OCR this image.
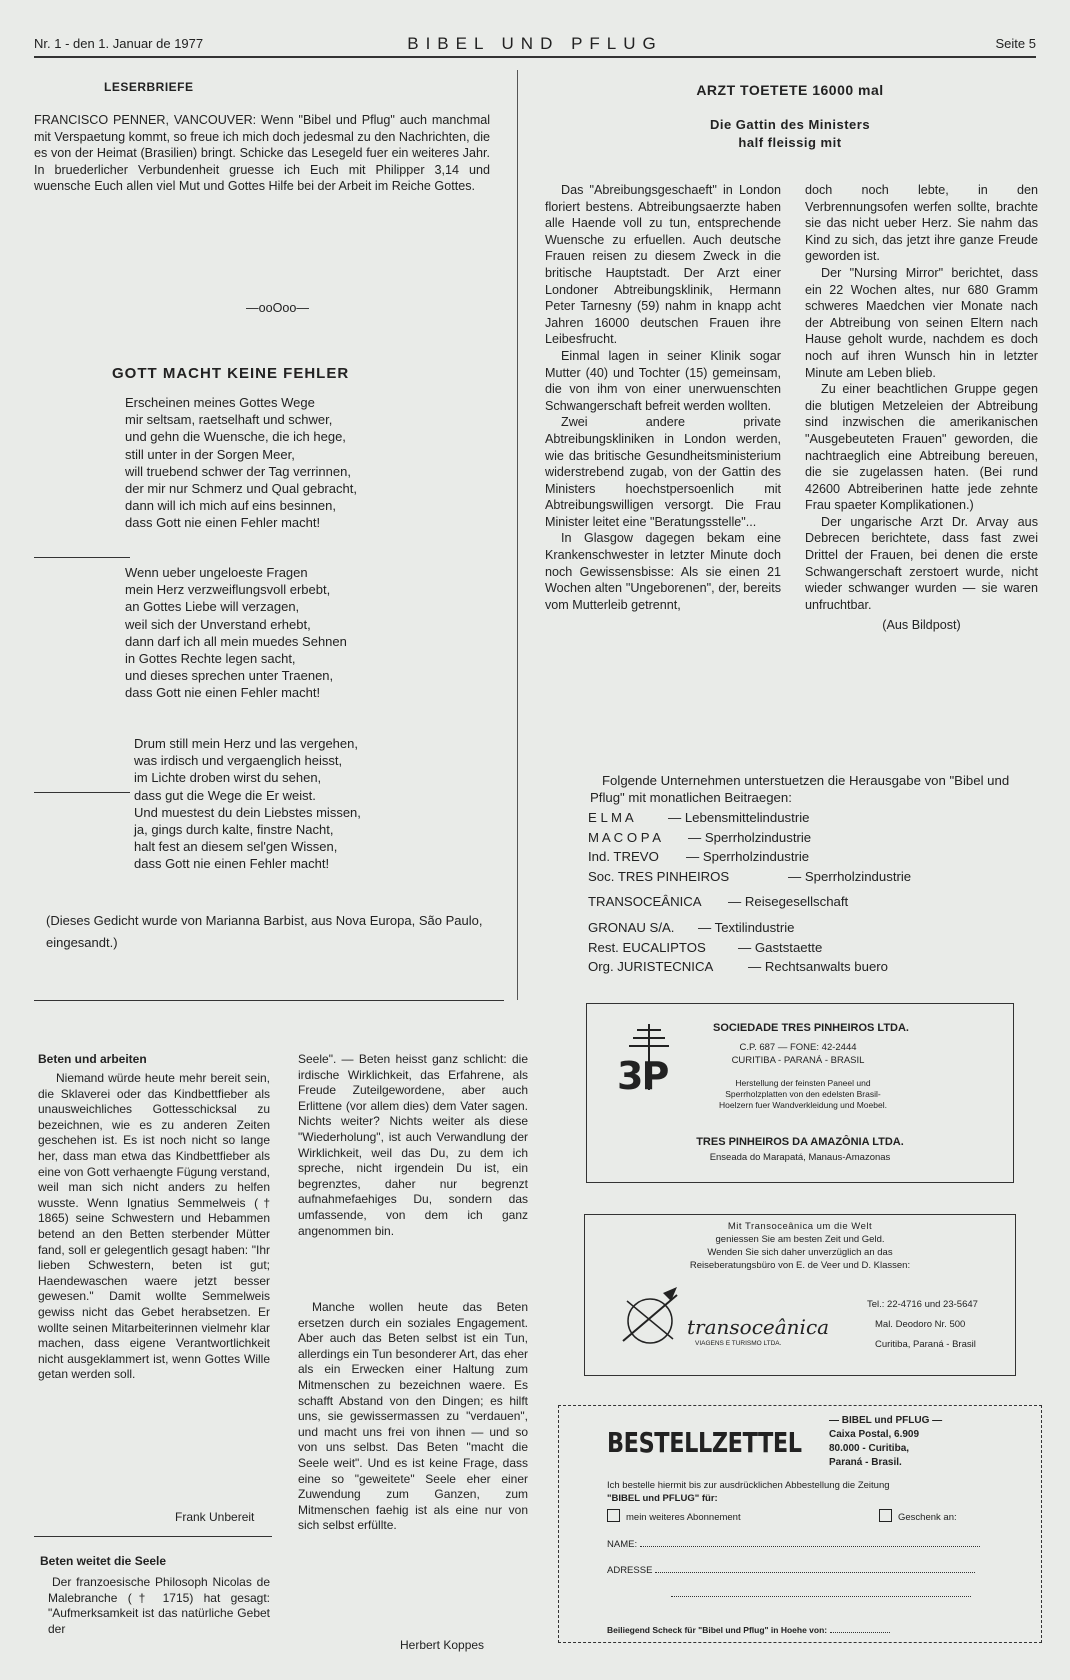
Nr. 1 - den 1. Januar de 1977	BIBEL UND PFLUG	Seite 5
LESERBRIEFE

FRANCISCO PENNER, VANCOUVER: Wenn "Bibel und Pflug" auch manchmal mit Verspaetung kommt, so freue ich mich doch jedesmal zu den Nachrichten, die es von der Heimat (Brasilien) bringt. Schicke das Lesegeld fuer ein weiteres Jahr. In bruederlicher Verbundenheit gruesse ich Euch mit Philipper 3,14 und wuensche Euch allen viel Mut und Gottes Hilfe bei der Arbeit im Reiche Gottes.

—ooOoo—
GOTT MACHT KEINE FEHLER
Erscheinen meines Gottes Wege
mir seltsam, raetselhaft und schwer,
und gehn die Wuensche, die ich hege,
still unter in der Sorgen Meer,
will truebend schwer der Tag verrinnen,
der mir nur Schmerz und Qual gebracht,
dann will ich mich auf eins besinnen,
dass Gott nie einen Fehler macht!
Wenn ueber ungeloeste Fragen
mein Herz verzweiflungsvoll erbebt,
an Gottes Liebe will verzagen,
weil sich der Unverstand erhebt,
dann darf ich all mein muedes Sehnen
in Gottes Rechte legen sacht,
und dieses sprechen unter Traenen,
dass Gott nie einen Fehler macht!
Drum still mein Herz und las vergehen,
was irdisch und vergaenglich heisst,
im Lichte droben wirst du sehen,
dass gut die Wege die Er weist.
Und muestest du dein Liebstes missen,
ja, gings durch kalte, finstre Nacht,
halt fest an diesem sel'gen Wissen,
dass Gott nie einen Fehler macht!

(Dieses Gedicht wurde von Marianna Barbist, aus Nova Europa, São Paulo, eingesandt.)

ARZT TOETETE 16000 mal
Die Gattin des Ministers
half fleissig mit

Das "Abreibungsgeschaeft" in London floriert bestens. Abtreibungsaerzte haben alle Haende voll zu tun, entsprechende Wuensche zu erfuellen. Auch deutsche Frauen reisen zu diesem Zweck in die britische Hauptstadt. Der Arzt einer Londoner Abtreibungsklinik, Hermann Peter Tarnesny (59) nahm in knapp acht Jahren 16000 deutschen Frauen ihre Leibesfrucht.

Einmal lagen in seiner Klinik sogar Mutter (40) und Tochter (15) gemeinsam, die von ihm von einer unerwuenschten Schwangerschaft befreit werden wollten.

Zwei andere private Abtreibungskliniken in London werden, wie das britische Gesundheitsministerium widerstrebend zugab, von der Gattin des Ministers hoechstpersoenlich mit Abtreibungswilligen versorgt. Die Frau Minister leitet eine "Beratungsstelle"...

In Glasgow dagegen bekam eine Krankenschwester in letzter Minute doch noch Gewissensbisse: Als sie einen 21 Wochen alten "Ungeborenen", der, bereits vom Mutterleib getrennt,

doch noch lebte, in den Verbrennungsofen werfen sollte, brachte sie das nicht ueber Herz. Sie nahm das Kind zu sich, das jetzt ihre ganze Freude geworden ist.

Der "Nursing Mirror" berichtet, dass ein 22 Wochen altes, nur 680 Gramm schweres Maedchen vier Monate nach der Abtreibung von seinen Eltern nach Hause geholt wurde, nachdem es doch noch auf ihren Wunsch hin in letzter Minute am Leben blieb.

Zu einer beachtlichen Gruppe gegen die blutigen Metzeleien der Abtreibung sind inzwischen die amerikanischen "Ausgebeuteten Frauen" geworden, die nachtraeglich eine Abtreibung bereuen, die sie zugelassen haten. (Bei rund 42600 Abtreiberinen hatte jede zehnte Frau spaeter Komplikationen.)

Der ungarische Arzt Dr. Arvay aus Debrecen berichtete, dass fast zwei Drittel der Frauen, bei denen die erste Schwangerschaft zerstoert wurde, nicht wieder schwanger wurden — sie waren unfruchtbar.

(Aus Bildpost)

Folgende Unternehmen unterstuetzen die Herausgabe von "Bibel und Pflug" mit monatlichen Beitraegen:

E L M A	— Lebensmittelindustrie
M A C O P A	— Sperrholzindustrie
Ind. TREVO	— Sperrholzindustrie
Soc. TRES PINHEIROS	— Sperrholzindustrie
TRANSOCEÂNICA	— Reisegesellschaft
GRONAU S/A.	— Textilindustrie
Rest. EUCALIPTOS	— Gaststaette
Org. JURISTECNICA	— Rechtsanwalts buero
3P
SOCIEDADE TRES PINHEIROS LTDA.
C.P. 687 — FONE: 42-2444
CURITIBA - PARANÁ - BRASIL
Herstellung der feinsten Paneel und Sperrholzplatten von den edelsten Brasil-Hoelzern fuer Wandverkleidung und Moebel.
TRES PINHEIROS DA AMAZÔNIA LTDA.
Enseada do Marapatá, Manaus-Amazonas
Mit Transoceânica um die Welt
geniessen Sie am besten Zeit und Geld.
Wenden Sie sich daher unverzüglich an das
Reiseberatungsbüro von E. de Veer und D. Klassen:
transoceânica
VIAGENS E TURISMO LTDA.
Tel.: 22-4716 und 23-5647
Mal. Deodoro Nr. 500
Curitiba, Paraná - Brasil
BESTELLZETTEL
— BIBEL und PFLUG —
Caixa Postal, 6.909
80.000 - Curitiba,
Paraná - Brasil.
Ich bestelle hiermit bis zur ausdrücklichen Abbestellung die Zeitung
"BIBEL und PFLUG" für:
mein weiteres Abonnement	Geschenk an:
NAME:
ADRESSE
Beiliegend Scheck für "Bibel und Pflug" in Hoehe von:
Beten und arbeiten

Niemand würde heute mehr bereit sein, die Sklaverei oder das Kindbettfieber als unausweichliches Gottesschicksal zu bezeichnen, wie es zu anderen Zeiten geschehen ist. Es ist noch nicht so lange her, dass man etwa das Kindbettfieber als eine von Gott verhaengte Fügung verstand, weil man sich nicht anders zu helfen wusste. Wenn Ignatius Semmelweis († 1865) seine Schwestern und Hebammen betend an den Betten sterbender Mütter fand, soll er gelegentlich gesagt haben: "Ihr lieben Schwestern, beten ist gut; Haendewaschen waere jetzt besser gewesen." Damit wollte Semmelweis gewiss nicht das Gebet herabsetzen. Er wollte seinen Mitarbeiterinnen vielmehr klar machen, dass eigene Verantwortlichkeit nicht ausgeklammert ist, wenn Gottes Wille getan werden soll.

Frank Unbereit
Beten weitet die Seele

Der franzoesische Philosoph Nicolas de Malebranche († 1715) hat gesagt: "Aufmerksamkeit ist das natürliche Gebet der

Seele". — Beten heisst ganz schlicht: die irdische Wirklichkeit, das Erfahrene, als Freude Zuteilgewordene, aber auch Erlittene (vor allem dies) dem Vater sagen. Nichts weiter? Nichts weiter als diese "Wiederholung", ist auch Verwandlung der Wirklichkeit, weil das Du, zu dem ich spreche, nicht irgendein Du ist, ein begrenztes, daher nur begrenzt aufnahmefaehiges Du, sondern das umfassende, von dem ich ganz angenommen bin.

Manche wollen heute das Beten ersetzen durch ein soziales Engagement. Aber auch das Beten selbst ist ein Tun, allerdings ein Tun besonderer Art, das eher als ein Erwecken einer Haltung zum Mitmenschen zu bezeichnen waere. Es schafft Abstand von den Dingen; es hilft uns, sie gewissermassen zu "verdauen", und macht uns frei von ihnen — und so von uns selbst. Das Beten "macht die Seele weit". Und es ist keine Frage, dass eine so "geweitete" Seele eher einer Zuwendung zum Ganzen, zum Mitmenschen faehig ist als eine nur von sich selbst erfüllte.

Herbert Koppes
